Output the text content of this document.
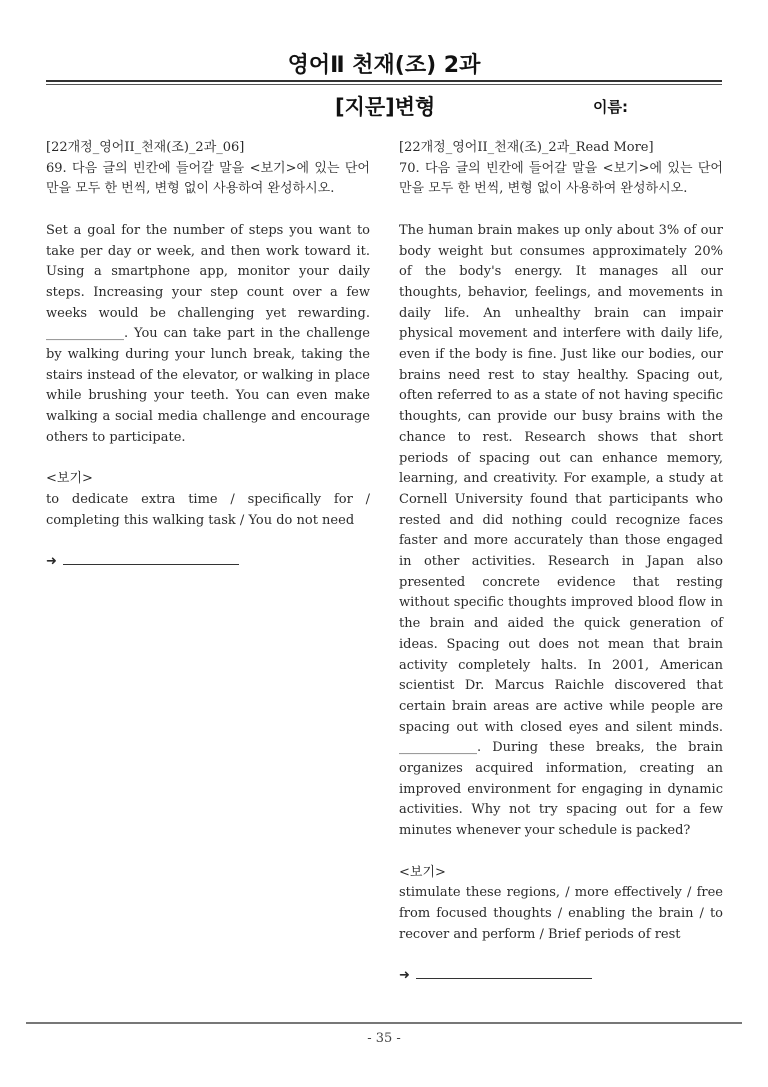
영어Ⅱ 천재(조) 2과
[지문]변형	이름:

[22개정_영어II_천재(조)_2과_06]

69. 다음 글의 빈칸에 들어갈 말을 <보기>에 있는 단어만을 모두 한 번씩, 변형 없이 사용하여 완성하시오.

Set a goal for the number of steps you want to take per day or week, and then work toward it. Using a smartphone app, monitor your daily steps. Increasing your step count over a few weeks would be challenging yet rewarding. ____________. You can take part in the challenge by walking during your lunch break, taking the stairs instead of the elevator, or walking in place while brushing your teeth. You can even make walking a social media challenge and encourage others to participate.

<보기>

to dedicate extra time / specifically for / completing this walking task / You do not need

➜

[22개정_영어II_천재(조)_2과_Read More]

70. 다음 글의 빈칸에 들어갈 말을 <보기>에 있는 단어만을 모두 한 번씩, 변형 없이 사용하여 완성하시오.

The human brain makes up only about 3% of our body weight but consumes approximately 20% of the body's energy. It manages all our thoughts, behavior, feelings, and movements in daily life. An unhealthy brain can impair physical movement and interfere with daily life, even if the body is fine. Just like our bodies, our brains need rest to stay healthy. Spacing out, often referred to as a state of not having specific thoughts, can provide our busy brains with the chance to rest. Research shows that short periods of spacing out can enhance memory, learning, and creativity. For example, a study at Cornell University found that participants who rested and did nothing could recognize faces faster and more accurately than those engaged in other activities. Research in Japan also presented concrete evidence that resting without specific thoughts improved blood flow in the brain and aided the quick generation of ideas. Spacing out does not mean that brain activity completely halts. In 2001, American scientist Dr. Marcus Raichle discovered that certain brain areas are active while people are spacing out with closed eyes and silent minds. ____________. During these breaks, the brain organizes acquired information, creating an improved environment for engaging in dynamic activities. Why not try spacing out for a few minutes whenever your schedule is packed?

<보기>

stimulate these regions, / more effectively / free from focused thoughts / enabling the brain / to recover and perform / Brief periods of rest

➜

- 35 -
